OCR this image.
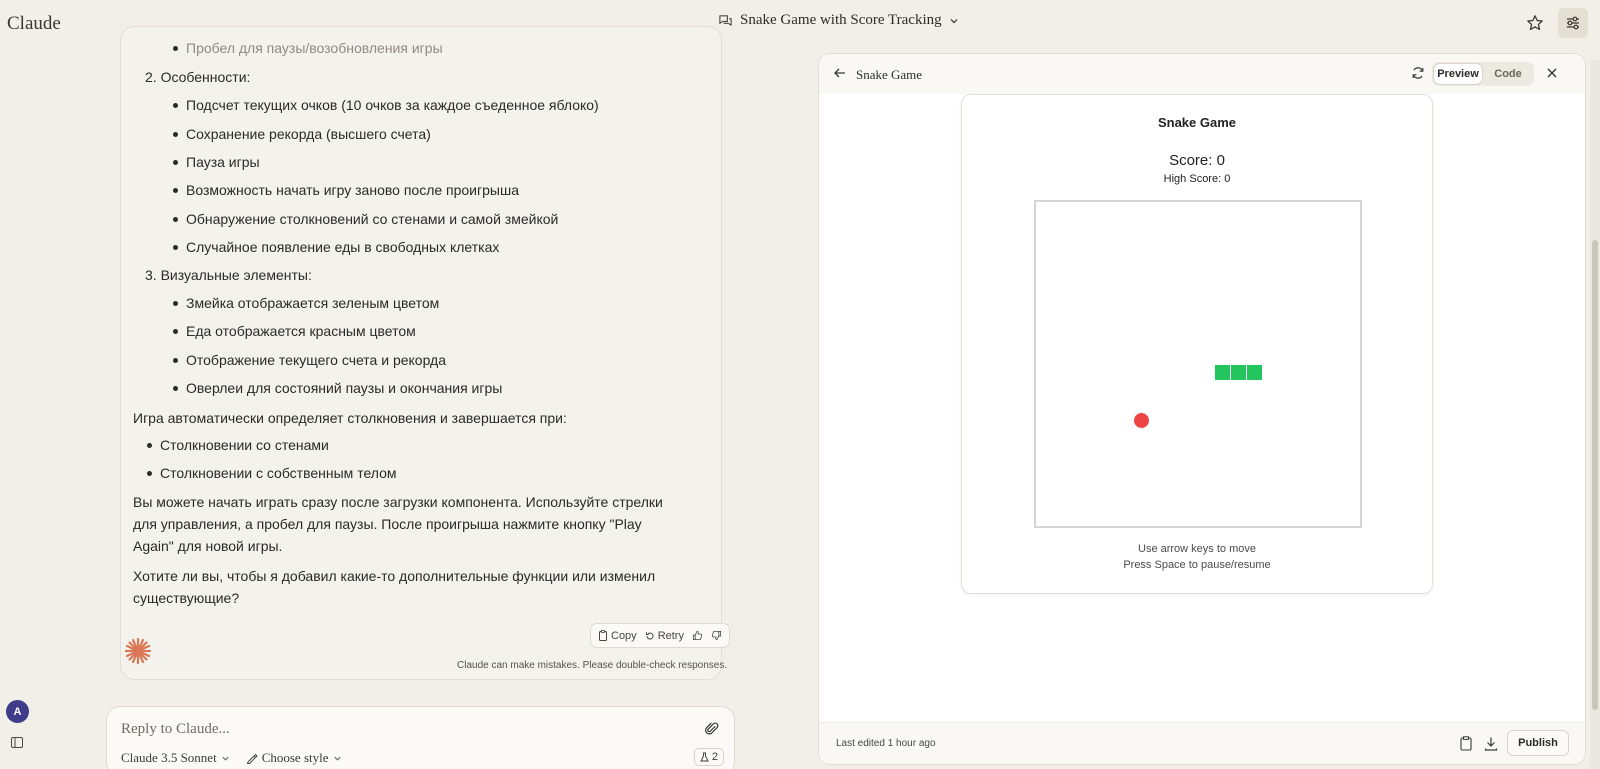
Claude	Snake Game with Score Tracking
Пробел для паузы/возобновления игры
2. Особенности:
Подсчет текущих очков (10 очков за каждое съеденное яблоко)
Сохранение рекорда (высшего счета)
Пауза игры
Возможность начать игру заново после проигрыша
Обнаружение столкновений со стенами и самой змейкой
Случайное появление еды в свободных клетках
3. Визуальные элементы:
Змейка отображается зеленым цветом
Еда отображается красным цветом
Отображение текущего счета и рекорда
Оверлеи для состояний паузы и окончания игры
Игра автоматически определяет столкновения и завершается при:
Столкновении со стенами
Столкновении с собственным телом
Вы можете начать играть сразу после загрузки компонента. Используйте стрелки для управления, а пробел для паузы. После проигрыша нажмите кнопку "Play Again" для новой игры.
Хотите ли вы, чтобы я добавил какие-то дополнительные функции или изменил существующие?
Copy Retry
Claude can make mistakes. Please double-check responses.
Reply to Claude...
Claude 3.5 Sonnet	Choose style	2
A
Snake Game	Preview	Code
Snake Game
Score: 0
High Score: 0
Use arrow keys to move
Press Space to pause/resume
Last edited 1 hour ago	Publish
